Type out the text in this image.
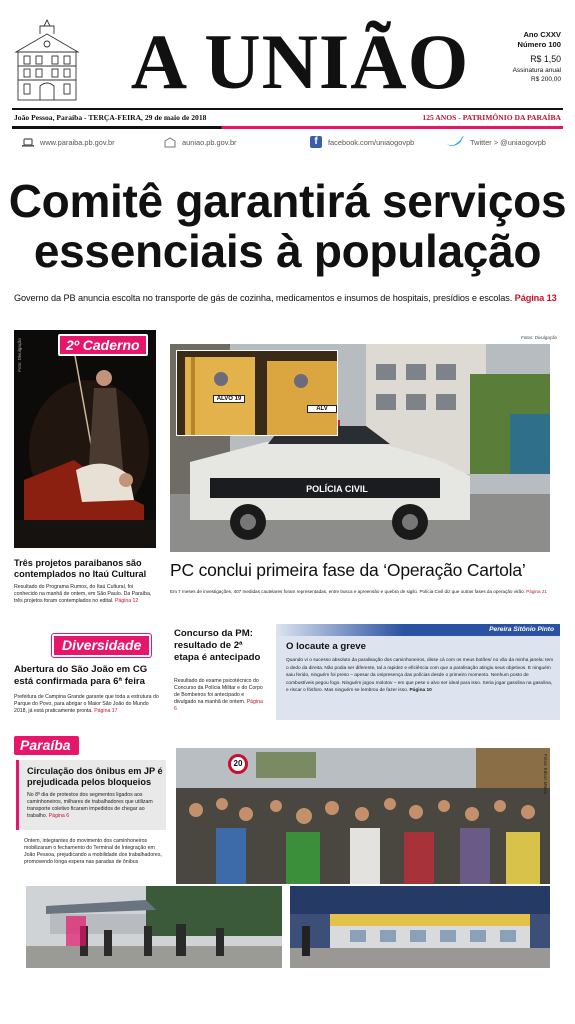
A UNIÃO	Ano CXXV
Número 100
R$ 1,50
Assinatura anual
R$ 200,00
João Pessoa, Paraíba - TERÇA-FEIRA, 29 de maio de 2018	125 ANOS - PATRIMÔNIO DA PARAÍBA
www.paraiba.pb.gov.br	auniao.pb.gov.br	f	facebook.com/uniaogovpb	Twitter > @uniaogovpb
Comitê garantirá serviços
essenciais à população
Governo da PB anuncia escolta no transporte de gás de cozinha, medicamentos e insumos de hospitais, presídios e escolas. Página 13
Foto: Divulgação	2º Caderno
Três projetos paraibanos são contemplados no Itaú Cultural
Resultado do Programa Rumos, do Itaú Cultural, foi conhecido na manhã de ontem, em São Paulo. Da Paraíba, três projetos foram contemplados no edital. Página 12
POLÍCIA CIVIL
ALVO 19
ALV
Fotos: Divulgação
PC conclui primeira fase da ‘Operação Cartola’
Em 7 meses de investigações, 407 medidas cautelares foram representadas, entre busca e apreensão e quebra de sigilo. Polícia Civil diz que outras fases da operação virão. Página 21
Diversidade
Abertura do São João em CG está confirmada para 6ª feira
Prefeitura de Campina Grande garante que toda a estrutura do Parque do Povo, para abrigar o Maior São João do Mundo 2018, já está praticamente pronta. Página 17
Concurso da PM: resultado de 2ª etapa é antecipado
Resultado do exame psicotécnico do Concurso da Polícia Militar e do Corpo de Bombeiros foi antecipado e divulgado na manhã de ontem. Página 6
Pereira Sitônio Pinto
O locaute a greve
Quando vi o sucesso absoluto da paralisação dos caminhoneiros, disse cá com os meus botões/ no vão da minha janela: tem o dedo da direita. Não podia ser diferente, tal a rapidez e eficiência com que a paralisação atingiu seus objetivos. E ninguém saiu ferido, ninguém foi preso – apesar da onipresença das polícias desde o primeiro momento. Nenhum posto de combustíveis pegou fogo. Ninguém jogou molotov – em que pese o alvo ser ideal para isso. Seria jogar gasolina na gasolina, e riscar o fósforo. Mas ninguém se lembrou de fazer isso. Página 10
Paraíba
Circulação dos ônibus em JP é prejudicada pelos bloqueios
No 8º dia de protestos dos segmentos ligados aos caminhoneiros, milhares de trabalhadores que utilizam transporte coletivo ficaram impedidos de chegar ao trabalho. Página 6
Ontem, integrantes do movimento dos caminhoneiros mobilizaram o fechamento do Terminal de Integração em João Pessoa, prejudicando a mobilidade dos trabalhadores, promovendo longa espera nas paradas de ônibus
20	Fotos: Edson Matos
